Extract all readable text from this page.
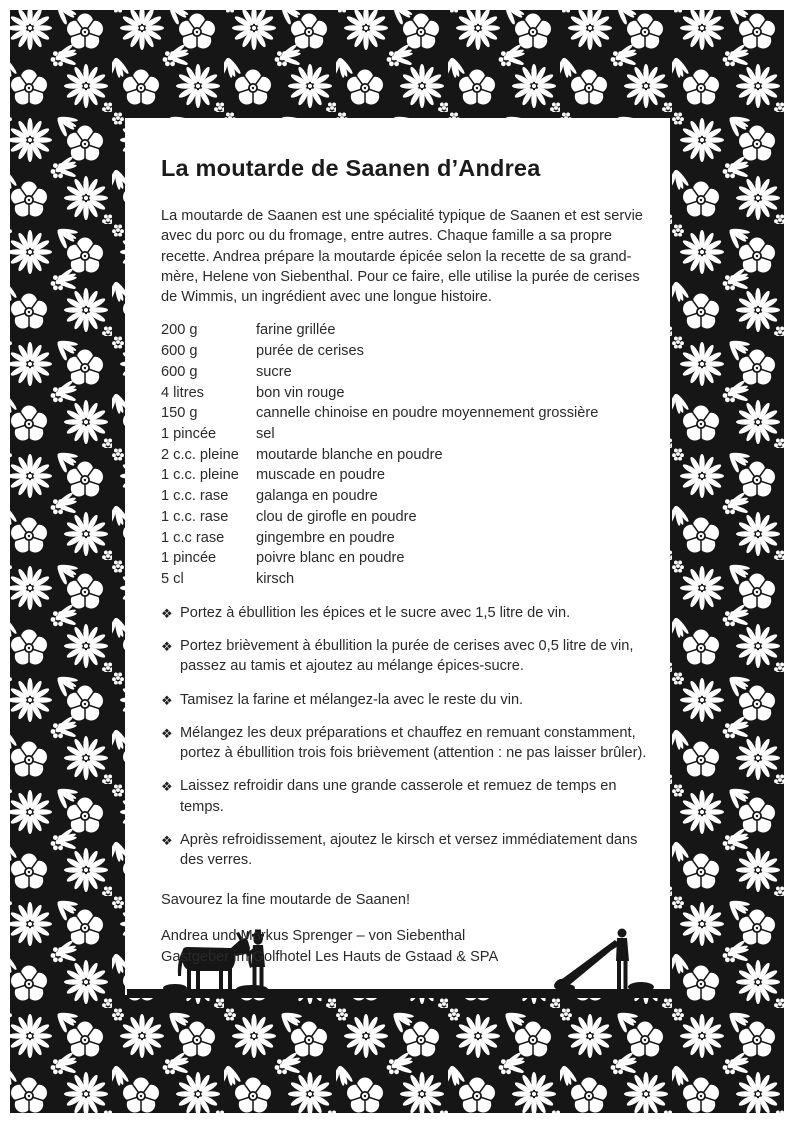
La moutarde de Saanen d’Andrea

La moutarde de Saanen est une spécialité typique de Saanen et est servie avec du porc ou du fromage, entre autres. Chaque famille a sa propre recette. Andrea prépare la moutarde épicée selon la recette de sa grand-mère, Helene von Siebenthal. Pour ce faire, elle utilise la purée de cerises de Wimmis, un ingrédient avec une longue histoire.

200 g	farine grillée
600 g	purée de cerises
600 g	sucre
4 litres	bon vin rouge
150 g	cannelle chinoise en poudre moyennement grossière
1 pincée	sel
2 c.c. pleine	moutarde blanche en poudre
1 c.c. pleine	muscade en poudre
1 c.c. rase	galanga en poudre
1 c.c. rase	clou de girofle en poudre
1 c.c rase	gingembre en poudre
1 pincée	poivre blanc en poudre
5 cl	kirsch
❖ Portez à ébullition les épices et le sucre avec 1,5 litre de vin.
❖ Portez brièvement à ébullition la purée de cerises avec 0,5 litre de vin, passez au tamis et ajoutez au mélange épices-sucre.
❖ Tamisez la farine et mélangez-la avec le reste du vin.
❖ Mélangez les deux préparations et chauffez en remuant constamment, portez à ébullition trois fois brièvement (attention : ne pas laisser brûler).
❖ Laissez refroidir dans une grande casserole et remuez de temps en temps.
❖ Après refroidissement, ajoutez le kirsch et versez immédiatement dans des verres.

Savourez la fine moutarde de Saanen!

Andrea und Markus Sprenger – von Siebenthal
Gastgeber im Golfhotel Les Hauts de Gstaad & SPA
